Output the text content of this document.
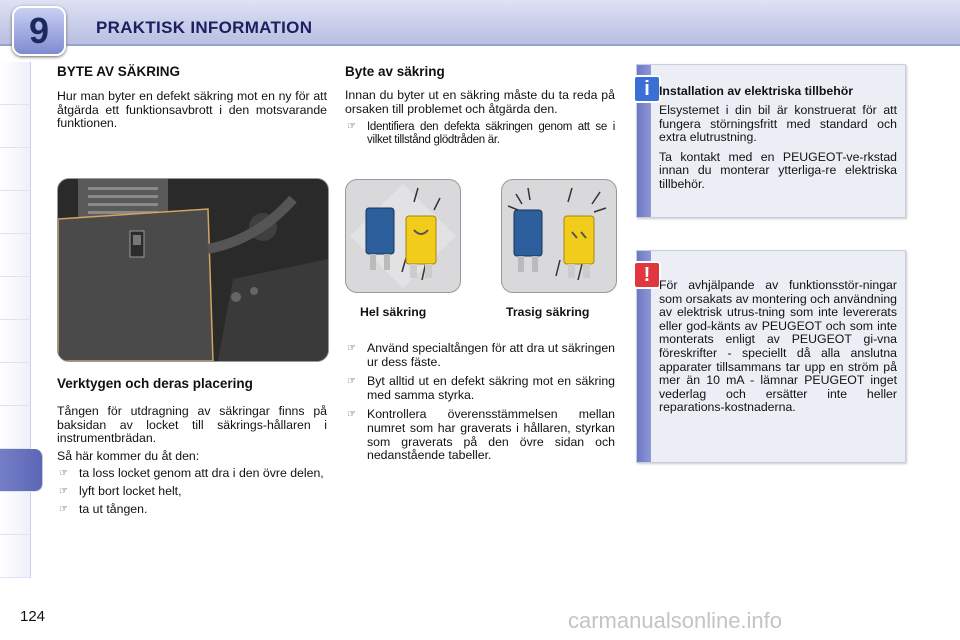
PRAKTISK INFORMATION
9
BYTE AV SÄKRING

Hur man byter en defekt säkring mot en ny för att åtgärda ett funktionsavbrott i den motsvarande funktionen.

Verktygen och deras placering

Tången för utdragning av säkringar finns på baksidan av locket till säkrings-hållaren i instrumentbrädan.

Så här kommer du åt den:

☞ ta loss locket genom att dra i den övre delen,
☞ lyft bort locket helt,
☞ ta ut tången.
Byte av säkring

Innan du byter ut en säkring måste du ta reda på orsaken till problemet och åtgärda den.

☞ Identifiera den defekta säkringen genom att se i vilket tillstånd glödtråden är.
Hel säkring	Trasig säkring
☞ Använd specialtången för att dra ut säkringen ur dess fäste.
☞ Byt alltid ut en defekt säkring mot en säkring med samma styrka.
☞ Kontrollera överensstämmelsen mellan numret som har graverats i hållaren, styrkan som graverats på den övre sidan och nedanstående tabeller.
i Installation av elektriska tillbehör

Elsystemet i din bil är konstruerat för att fungera störningsfritt med standard och extra elutrustning.

Ta kontakt med en PEUGEOT-ve-rkstad innan du monterar ytterliga-re elektriska tillbehör.

! För avhjälpande av funktionsstör-ningar som orsakats av montering och användning av elektrisk utrus-tning som inte levererats eller god-känts av PEUGEOT och som inte monterats enligt av PEUGEOT gi-vna föreskrifter - speciellt då alla anslutna apparater tillsammans tar upp en ström på mer än 10 mA - lämnar PEUGEOT inget vederlag och ersätter inte heller reparations-kostnaderna.

124	carmanualsonline.info
